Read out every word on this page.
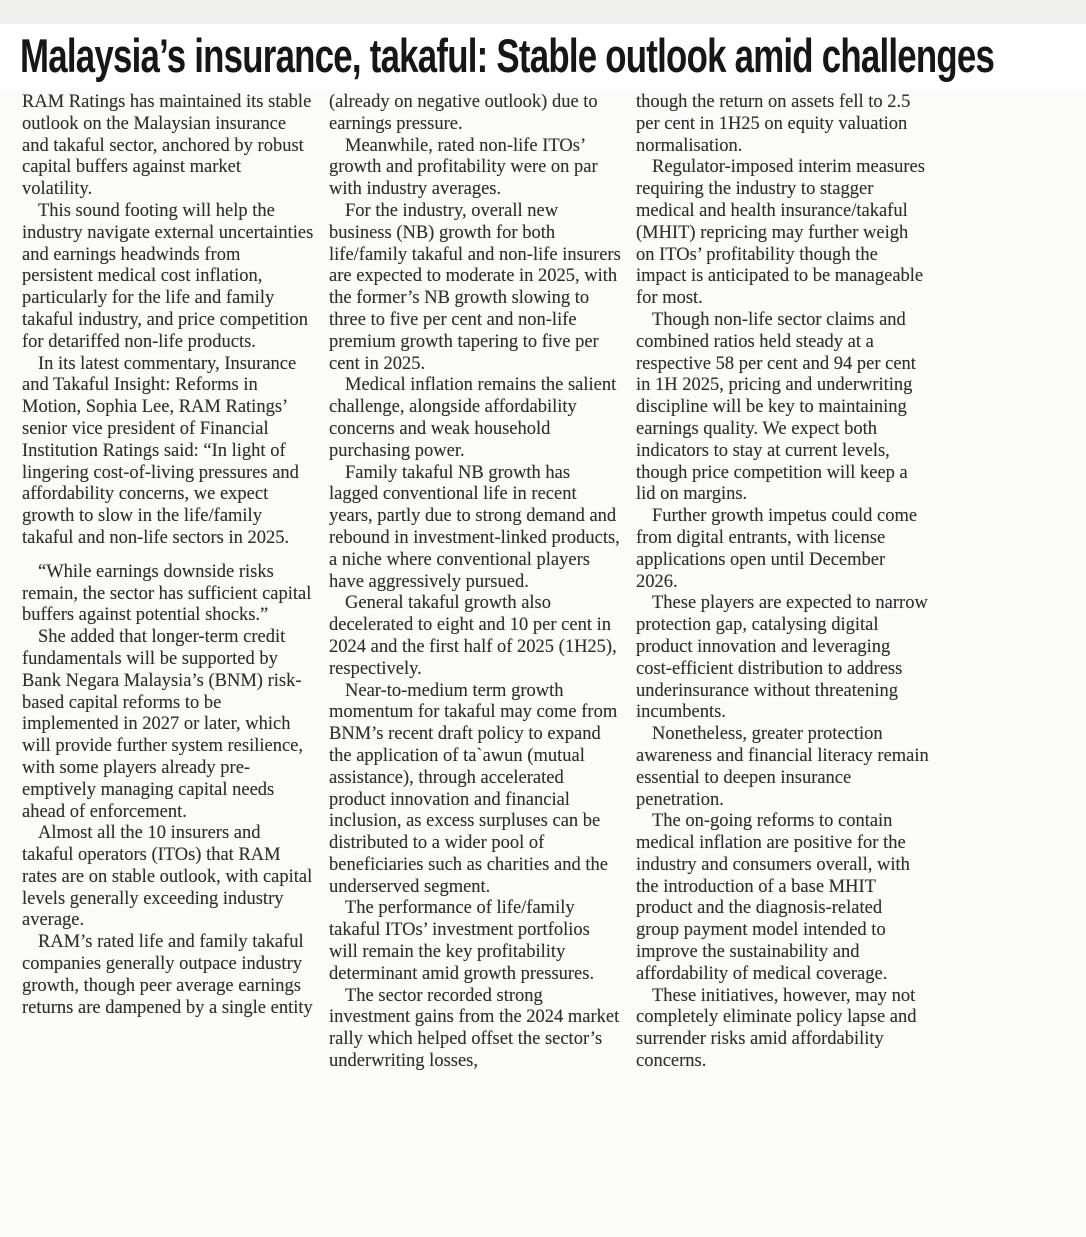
Malaysia’s insurance, takaful: Stable outlook amid challenges

RAM Ratings has maintained its stable outlook on the Malaysian insurance and takaful sector, anchored by robust capital buffers against market volatility.

This sound footing will help the industry navigate external uncertainties and earnings headwinds from persistent medical cost inflation, particularly for the life and family takaful industry, and price competition for detariffed non-life products.

In its latest commentary, Insurance and Takaful Insight: Reforms in Motion, Sophia Lee, RAM Ratings’ senior vice president of Financial Institution Ratings said: “In light of lingering cost-of-living pressures and affordability concerns, we expect growth to slow in the life/family takaful and non-life sectors in 2025.

“While earnings downside risks remain, the sector has sufficient capital buffers against potential shocks.”

She added that longer-term credit fundamentals will be supported by Bank Negara Malaysia’s (BNM) risk-based capital reforms to be implemented in 2027 or later, which will provide further system resilience, with some players already pre-emptively managing capital needs ahead of enforcement.

Almost all the 10 insurers and takaful operators (ITOs) that RAM rates are on stable outlook, with capital levels generally exceeding industry average.

RAM’s rated life and family takaful companies generally outpace industry growth, though peer average earnings returns are dampened by a single entity

(already on negative outlook) due to earnings pressure.

Meanwhile, rated non-life ITOs’ growth and profitability were on par with industry averages.

For the industry, overall new business (NB) growth for both life/family takaful and non-life insurers are expected to moderate in 2025, with the former’s NB growth slowing to three to five per cent and non-life premium growth tapering to five per cent in 2025.

Medical inflation remains the salient challenge, alongside affordability concerns and weak household purchasing power.

Family takaful NB growth has lagged conventional life in recent years, partly due to strong demand and rebound in investment-linked products, a niche where conventional players have aggressively pursued.

General takaful growth also decelerated to eight and 10 per cent in 2024 and the first half of 2025 (1H25), respectively.

Near-to-medium term growth momentum for takaful may come from BNM’s recent draft policy to expand the application of ta`awun (mutual assistance), through accelerated product innovation and financial inclusion, as excess surpluses can be distributed to a wider pool of beneficiaries such as charities and the underserved segment.

The performance of life/family takaful ITOs’ investment portfolios will remain the key profitability determinant amid growth pressures.

The sector recorded strong investment gains from the 2024 market rally which helped offset the sector’s underwriting losses,

though the return on assets fell to 2.5 per cent in 1H25 on equity valuation normalisation.

Regulator-imposed interim measures requiring the industry to stagger medical and health insurance/takaful (MHIT) repricing may further weigh on ITOs’ profitability though the impact is anticipated to be manageable for most.

Though non-life sector claims and combined ratios held steady at a respective 58 per cent and 94 per cent in 1H 2025, pricing and underwriting discipline will be key to maintaining earnings quality. We expect both indicators to stay at current levels, though price competition will keep a lid on margins.

Further growth impetus could come from digital entrants, with license applications open until December 2026.

These players are expected to narrow protection gap, catalysing digital product innovation and leveraging cost-efficient distribution to address underinsurance without threatening incumbents.

Nonetheless, greater protection awareness and financial literacy remain essential to deepen insurance penetration.

The on-going reforms to contain medical inflation are positive for the industry and consumers overall, with the introduction of a base MHIT product and the diagnosis-related group payment model intended to improve the sustainability and affordability of medical coverage.

These initiatives, however, may not completely eliminate policy lapse and surrender risks amid affordability concerns.
